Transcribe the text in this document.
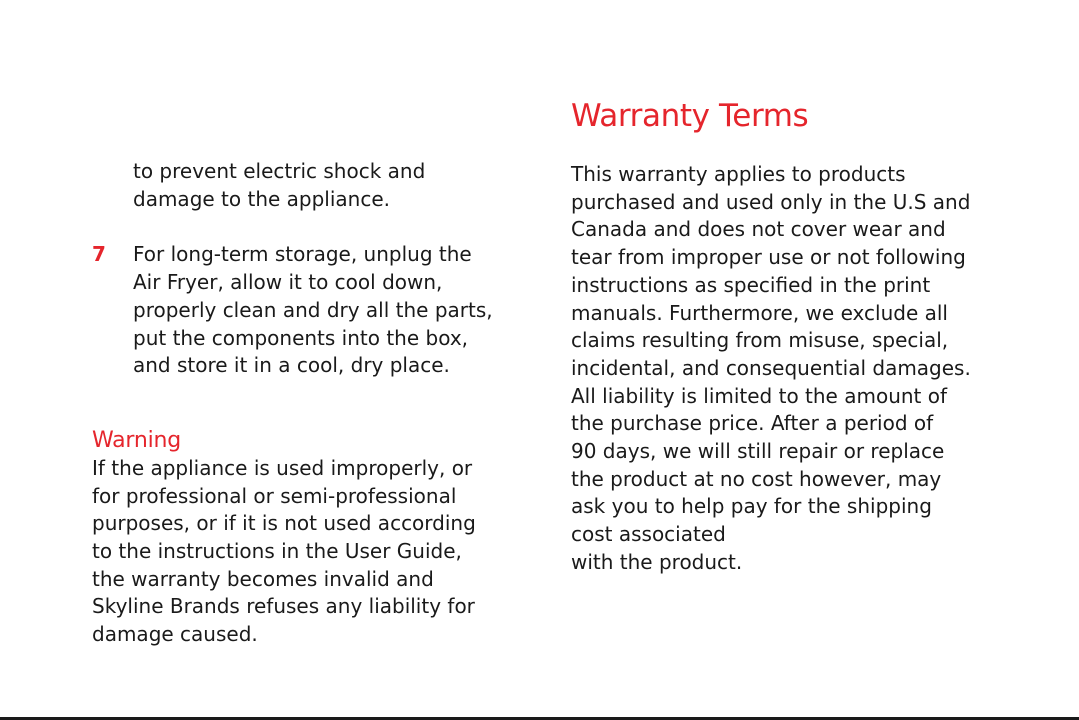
to prevent electric shock and
damage to the appliance.

7 For long-term storage, unplug the
Air Fryer, allow it to cool down,
properly clean and dry all the parts,
put the components into the box,
and store it in a cool, dry place.

Warning

If the appliance is used improperly, or
for professional or semi-professional
purposes, or if it is not used according
to the instructions in the User Guide,
the warranty becomes invalid and
Skyline Brands refuses any liability for
damage caused.

Warranty Terms

This warranty applies to products
purchased and used only in the U.S and
Canada and does not cover wear and
tear from improper use or not following
instructions as specified in the print
manuals. Furthermore, we exclude all
claims resulting from misuse, special,
incidental, and consequential damages.
All liability is limited to the amount of
the purchase price. After a period of
90 days, we will still repair or replace
the product at no cost however, may
ask you to help pay for the shipping
cost associated
with the product.
